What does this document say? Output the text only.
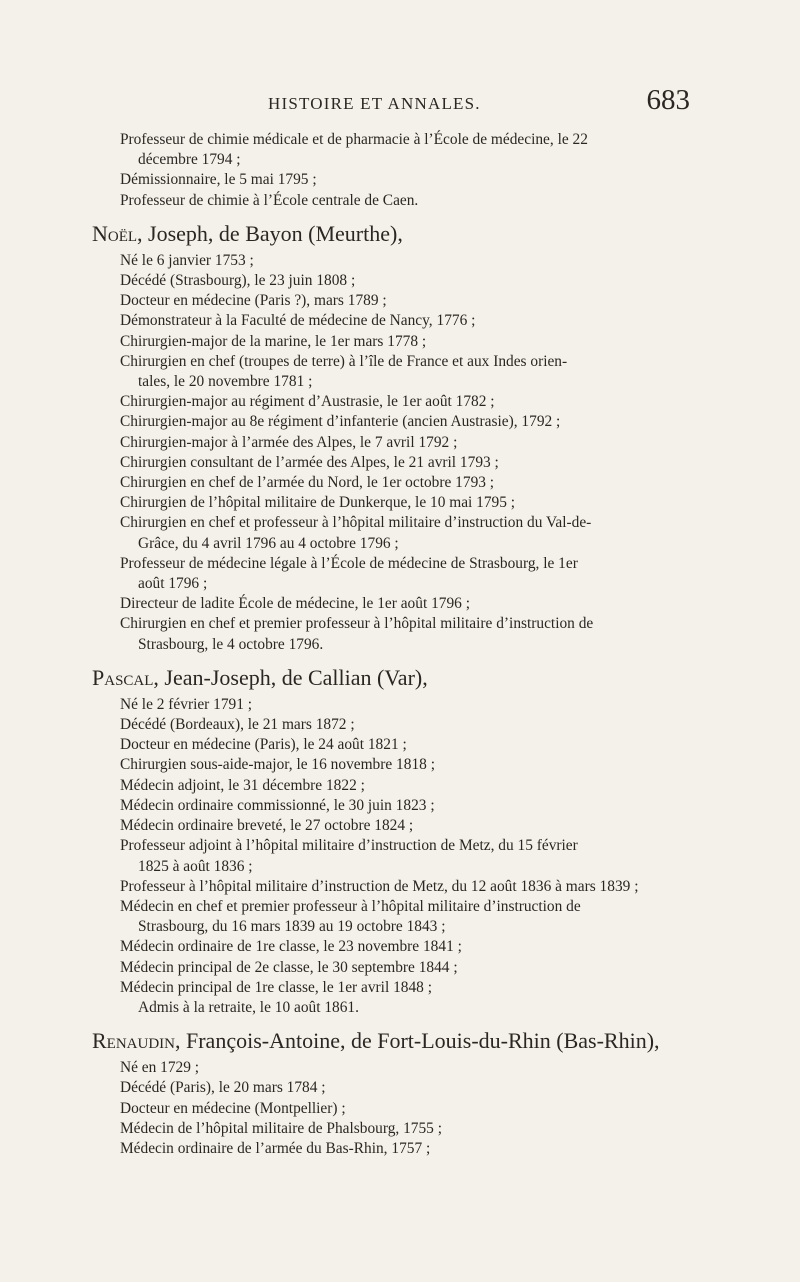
HISTOIRE ET ANNALES.	683
Professeur de chimie médicale et de pharmacie à l’École de médecine, le 22
décembre 1794 ;
Démissionnaire, le 5 mai 1795 ;
Professeur de chimie à l’École centrale de Caen.
Noël, Joseph, de Bayon (Meurthe),
Né le 6 janvier 1753 ;
Décédé (Strasbourg), le 23 juin 1808 ;
Docteur en médecine (Paris ?), mars 1789 ;
Démonstrateur à la Faculté de médecine de Nancy, 1776 ;
Chirurgien-major de la marine, le 1er mars 1778 ;
Chirurgien en chef (troupes de terre) à l’île de France et aux Indes orien-
tales, le 20 novembre 1781 ;
Chirurgien-major au régiment d’Austrasie, le 1er août 1782 ;
Chirurgien-major au 8e régiment d’infanterie (ancien Austrasie), 1792 ;
Chirurgien-major à l’armée des Alpes, le 7 avril 1792 ;
Chirurgien consultant de l’armée des Alpes, le 21 avril 1793 ;
Chirurgien en chef de l’armée du Nord, le 1er octobre 1793 ;
Chirurgien de l’hôpital militaire de Dunkerque, le 10 mai 1795 ;
Chirurgien en chef et professeur à l’hôpital militaire d’instruction du Val-de-
Grâce, du 4 avril 1796 au 4 octobre 1796 ;
Professeur de médecine légale à l’École de médecine de Strasbourg, le 1er
août 1796 ;
Directeur de ladite École de médecine, le 1er août 1796 ;
Chirurgien en chef et premier professeur à l’hôpital militaire d’instruction de
Strasbourg, le 4 octobre 1796.
Pascal, Jean-Joseph, de Callian (Var),
Né le 2 février 1791 ;
Décédé (Bordeaux), le 21 mars 1872 ;
Docteur en médecine (Paris), le 24 août 1821 ;
Chirurgien sous-aide-major, le 16 novembre 1818 ;
Médecin adjoint, le 31 décembre 1822 ;
Médecin ordinaire commissionné, le 30 juin 1823 ;
Médecin ordinaire breveté, le 27 octobre 1824 ;
Professeur adjoint à l’hôpital militaire d’instruction de Metz, du 15 février
1825 à août 1836 ;
Professeur à l’hôpital militaire d’instruction de Metz, du 12 août 1836 à mars 1839 ;
Médecin en chef et premier professeur à l’hôpital militaire d’instruction de
Strasbourg, du 16 mars 1839 au 19 octobre 1843 ;
Médecin ordinaire de 1re classe, le 23 novembre 1841 ;
Médecin principal de 2e classe, le 30 septembre 1844 ;
Médecin principal de 1re classe, le 1er avril 1848 ;
Admis à la retraite, le 10 août 1861.
Renaudin, François-Antoine, de Fort-Louis-du-Rhin (Bas-Rhin),
Né en 1729 ;
Décédé (Paris), le 20 mars 1784 ;
Docteur en médecine (Montpellier) ;
Médecin de l’hôpital militaire de Phalsbourg, 1755 ;
Médecin ordinaire de l’armée du Bas-Rhin, 1757 ;
